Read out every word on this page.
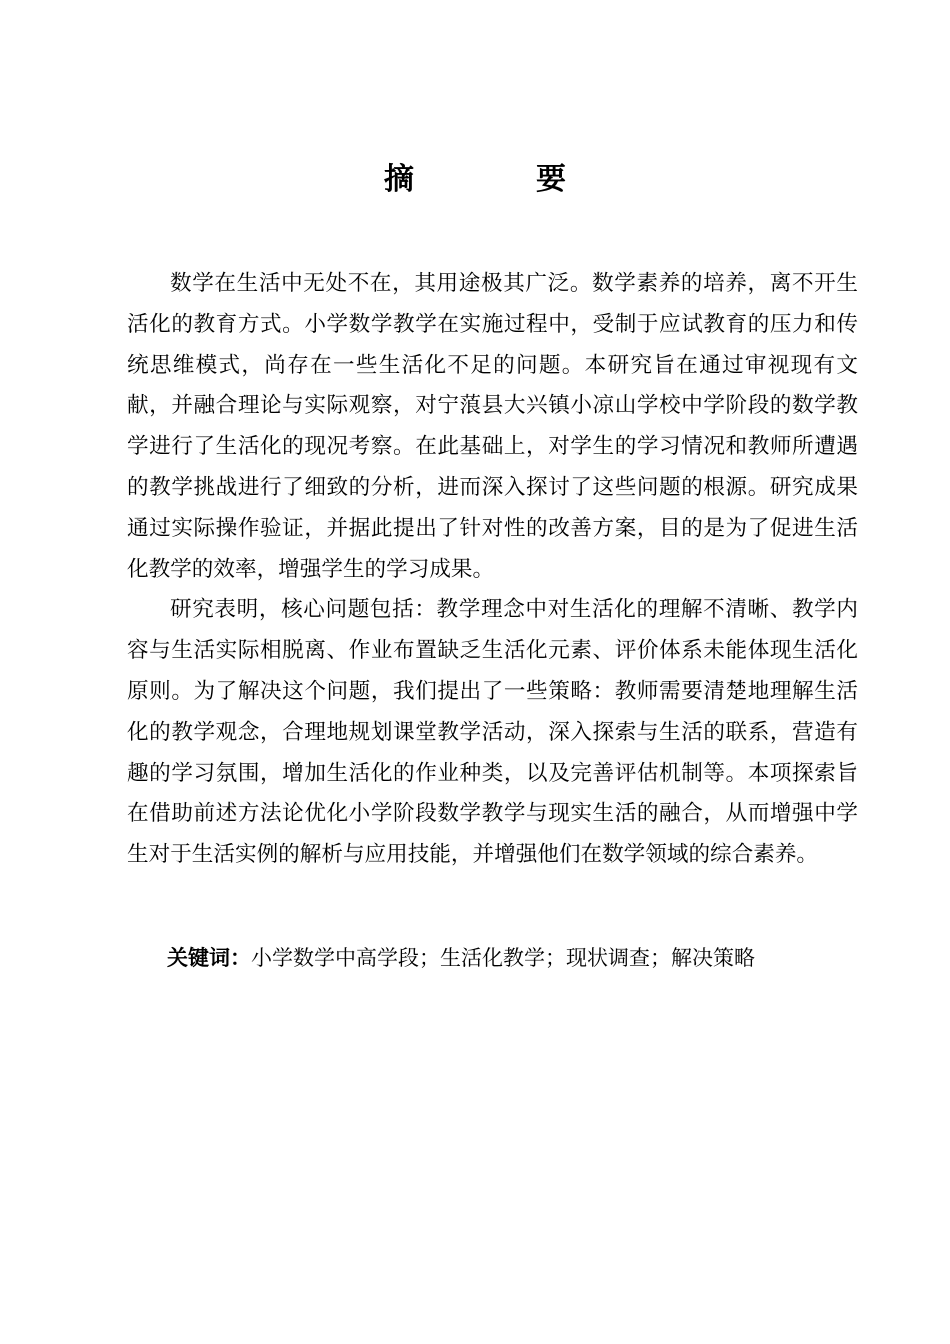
摘　要

数学在生活中无处不在，其用途极其广泛。数学素养的培养，离不开生活化的教育方式。小学数学教学在实施过程中，受制于应试教育的压力和传统思维模式，尚存在一些生活化不足的问题。本研究旨在通过审视现有文献，并融合理论与实际观察，对宁蒗县大兴镇小凉山学校中学阶段的数学教学进行了生活化的现况考察。在此基础上，对学生的学习情况和教师所遭遇的教学挑战进行了细致的分析，进而深入探讨了这些问题的根源。研究成果通过实际操作验证，并据此提出了针对性的改善方案，目的是为了促进生活化教学的效率，增强学生的学习成果。

研究表明，核心问题包括：教学理念中对生活化的理解不清晰、教学内容与生活实际相脱离、作业布置缺乏生活化元素、评价体系未能体现生活化原则。为了解决这个问题，我们提出了一些策略：教师需要清楚地理解生活化的教学观念，合理地规划课堂教学活动，深入探索与生活的联系，营造有趣的学习氛围，增加生活化的作业种类，以及完善评估机制等。本项探索旨在借助前述方法论优化小学阶段数学教学与现实生活的融合，从而增强中学生对于生活实例的解析与应用技能，并增强他们在数学领域的综合素养。

关键词：小学数学中高学段；生活化教学；现状调查；解决策略
